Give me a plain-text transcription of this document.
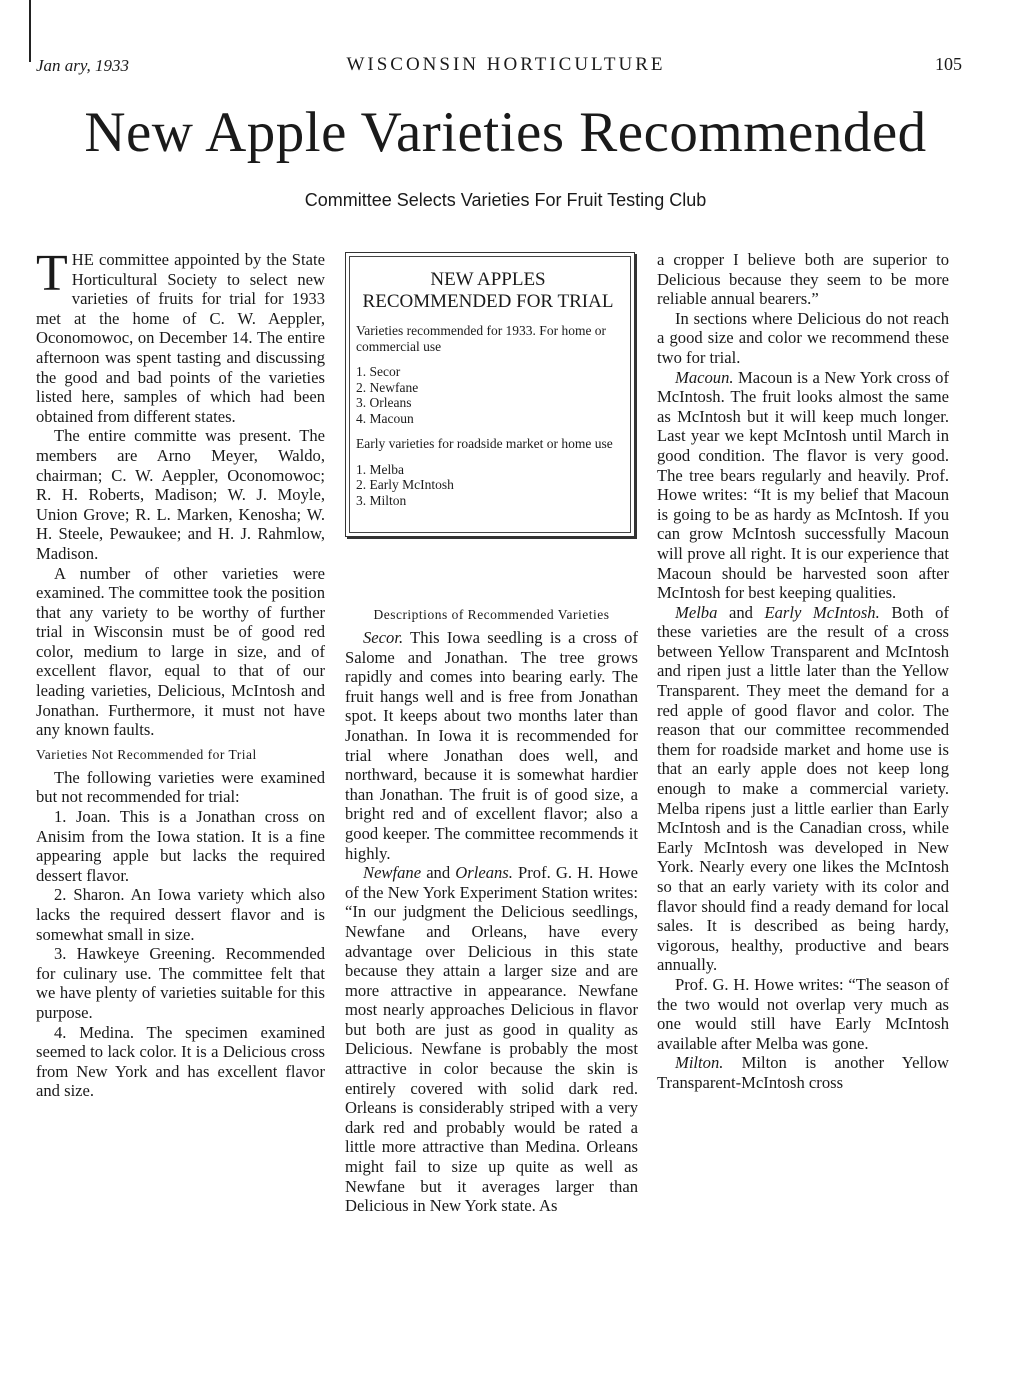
Jan ary, 1933	WISCONSIN HORTICULTURE	105
New Apple Varieties Recommended
Committee Selects Varieties For Fruit Testing Club

THE committee appointed by the State Horticultural Society to select new varieties of fruits for trial for 1933 met at the home of C. W. Aeppler, Oconomowoc, on December 14. The entire afternoon was spent tasting and discussing the good and bad points of the varieties listed here, samples of which had been obtained from different states.

The entire committe was present. The members are Arno Meyer, Waldo, chairman; C. W. Aeppler, Oconomowoc; R. H. Roberts, Madison; W. J. Moyle, Union Grove; R. L. Marken, Kenosha; W. H. Steele, Pewaukee; and H. J. Rahmlow, Madison.

A number of other varieties were examined. The committee took the position that any variety to be worthy of further trial in Wisconsin must be of good red color, medium to large in size, and of excellent flavor, equal to that of our leading varieties, Delicious, McIntosh and Jonathan. Furthermore, it must not have any known faults.

Varieties Not Recommended for Trial

The following varieties were examined but not recommended for trial:

1. Joan. This is a Jonathan cross on Anisim from the Iowa station. It is a fine appearing apple but lacks the required dessert flavor.

2. Sharon. An Iowa variety which also lacks the required dessert flavor and is somewhat small in size.

3. Hawkeye Greening. Recommended for culinary use. The committee felt that we have plenty of varieties suitable for this purpose.

4. Medina. The specimen examined seemed to lack color. It is a Delicious cross from New York and has excellent flavor and size.

NEW APPLES RECOMMENDED FOR TRIAL
Varieties recommended for 1933. For home or commercial use
1. Secor
2. Newfane
3. Orleans
4. Macoun
Early varieties for roadside market or home use
1. Melba
2. Early McIntosh
3. Milton
Descriptions of Recommended Varieties

Secor. This Iowa seedling is a cross of Salome and Jonathan. The tree grows rapidly and comes into bearing early. The fruit hangs well and is free from Jonathan spot. It keeps about two months later than Jonathan. In Iowa it is recommended for trial where Jonathan does well, and northward, because it is somewhat hardier than Jonathan. The fruit is of good size, a bright red and of excellent flavor; also a good keeper. The committee recommends it highly.

Newfane and Orleans. Prof. G. H. Howe of the New York Experiment Station writes: “In our judgment the Delicious seedlings, Newfane and Orleans, have every advantage over Delicious in this state because they attain a larger size and are more attractive in appearance. Newfane most nearly approaches Delicious in flavor but both are just as good in quality as Delicious. Newfane is probably the most attractive in color because the skin is entirely covered with solid dark red. Orleans is considerably striped with a very dark red and probably would be rated a little more attractive than Medina. Orleans might fail to size up quite as well as Newfane but it averages larger than Delicious in New York state. As

a cropper I believe both are superior to Delicious because they seem to be more reliable annual bearers.”

In sections where Delicious do not reach a good size and color we recommend these two for trial.

Macoun. Macoun is a New York cross of McIntosh. The fruit looks almost the same as McIntosh but it will keep much longer. Last year we kept McIntosh until March in good condition. The flavor is very good. The tree bears regularly and heavily. Prof. Howe writes: “It is my belief that Macoun is going to be as hardy as McIntosh. If you can grow McIntosh successfully Macoun will prove all right. It is our experience that Macoun should be harvested soon after McIntosh for best keeping qualities.

Melba and Early McIntosh. Both of these varieties are the result of a cross between Yellow Transparent and McIntosh and ripen just a little later than the Yellow Transparent. They meet the demand for a red apple of good flavor and color. The reason that our committee recommended them for roadside market and home use is that an early apple does not keep long enough to make a commercial variety. Melba ripens just a little earlier than Early McIntosh and is the Canadian cross, while Early McIntosh was developed in New York. Nearly every one likes the McIntosh so that an early variety with its color and flavor should find a ready demand for local sales. It is described as being hardy, vigorous, healthy, productive and bears annually.

Prof. G. H. Howe writes: “The season of the two would not overlap very much as one would still have Early McIntosh available after Melba was gone.

Milton. Milton is another Yellow Transparent-McIntosh cross
